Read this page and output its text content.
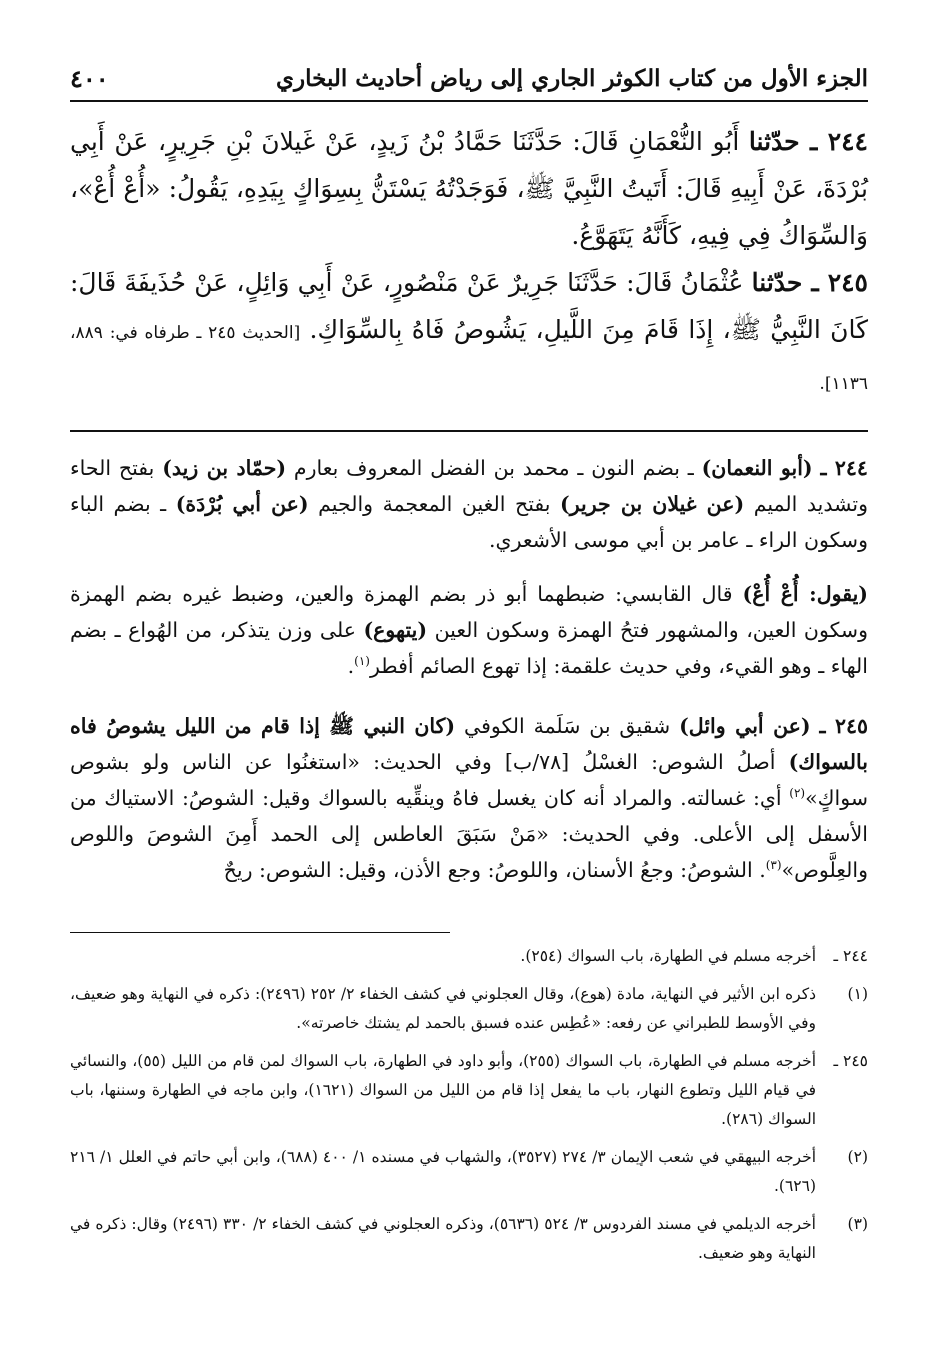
الجزء الأول من كتاب الكوثر الجاري إلى رياض أحاديث البخاري
٤٠٠

٢٤٤ ـ حدّثنا أَبُو النُّعْمَانِ قَالَ: حَدَّثَنَا حَمَّادُ بْنُ زَيدٍ، عَنْ غَيلانَ بْنِ جَرِيرٍ، عَنْ أَبِي بُرْدَةَ، عَنْ أَبِيهِ قَالَ: أَتَيتُ النَّبِيَّ ﷺ، فَوَجَدْتُهُ يَسْتَنُّ بِسِوَاكٍ بِيَدِهِ، يَقُولُ: «أُعْ أُعْ»، وَالسِّوَاكُ فِي فِيهِ، كَأَنَّهُ يَتَهَوَّعُ.

٢٤٥ ـ حدّثنا عُثْمَانُ قَالَ: حَدَّثَنَا جَرِيرٌ عَنْ مَنْصُورٍ، عَنْ أَبِي وَائِلٍ، عَنْ حُذَيفَةَ قَالَ: كَانَ النَّبِيُّ ﷺ، إِذَا قَامَ مِنَ اللَّيلِ، يَشُوصُ فَاهُ بِالسِّوَاكِ. [الحديث ٢٤٥ ـ طرفاه في: ٨٨٩، ١١٣٦].

٢٤٤ ـ (أبو النعمان) ـ بضم النون ـ محمد بن الفضل المعروف بعارم (حمّاد بن زيد) بفتح الحاء وتشديد الميم (عن غيلان بن جرير) بفتح الغين المعجمة والجيم (عن أبي بُرْدَة) ـ بضم الباء وسكون الراء ـ عامر بن أبي موسى الأشعري.

(يقول: أُعْ أُعْ) قال القابسي: ضبطهما أبو ذر بضم الهمزة والعين، وضبط غيره بضم الهمزة وسكون العين، والمشهور فتحُ الهمزة وسكون العين (يتهوع) على وزن يتذكر، من الهُواع ـ بضم الهاء ـ وهو القيء، وفي حديث علقمة: إذا تهوع الصائم أفطر$^{(١)}$.

٢٤٥ ـ (عن أبي وائل) شقيق بن سَلَمة الكوفي (كان النبي ﷺ إذا قام من الليل يشوصُ فاه بالسواك) أصلُ الشوص: الغسْلُ [٧٨/ب] وفي الحديث: «استغنُوا عن الناس ولو بشوص سواكٍ»$^{(٢)}$ أي: غسالته. والمراد أنه كان يغسل فاهُ وينقِّيه بالسواك وقيل: الشوصُ: الاستياك من الأسفل إلى الأعلى. وفي الحديث: «مَنْ سَبَقَ العاطس إلى الحمد أَمِنَ الشوصَ واللوص والعِلَّوص»$^{(٣)}$. الشوصُ: وجعُ الأسنان، واللوصُ: وجع الأذن، وقيل: الشوص: ريحٌ

٢٤٤ ـ
أخرجه مسلم في الطهارة، باب السواك (٢٥٤).
(١)
ذكره ابن الأثير في النهاية، مادة (هوع)، وقال العجلوني في كشف الخفاء ٢/ ٢٥٢ (٢٤٩٦): ذكره في النهاية وهو ضعيف، وفي الأوسط للطبراني عن رفعه: «عُطِس عنده فسبق بالحمد لم يشتك خاصرته».
٢٤٥ ـ
أخرجه مسلم في الطهارة، باب السواك (٢٥٥)، وأبو داود في الطهارة، باب السواك لمن قام من الليل (٥٥)، والنسائي في قيام الليل وتطوع النهار، باب ما يفعل إذا قام من الليل من السواك (١٦٢١)، وابن ماجه في الطهارة وسننها، باب السواك (٢٨٦).
(٢)
أخرجه البيهقي في شعب الإيمان ٣/ ٢٧٤ (٣٥٢٧)، والشهاب في مسنده ١/ ٤٠٠ (٦٨٨)، وابن أبي حاتم في العلل ١/ ٢١٦ (٦٢٦).
(٣)
أخرجه الديلمي في مسند الفردوس ٣/ ٥٢٤ (٥٦٣٦)، وذكره العجلوني في كشف الخفاء ٢/ ٣٣٠ (٢٤٩٦) وقال: ذكره في النهاية وهو ضعيف.
